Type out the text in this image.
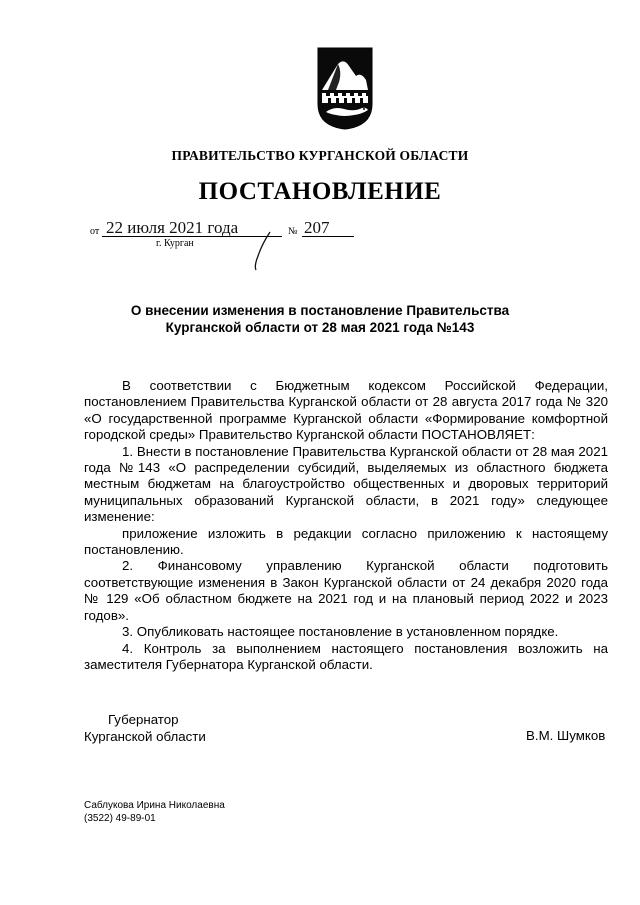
ПРАВИТЕЛЬСТВО КУРГАНСКОЙ ОБЛАСТИ
ПОСТАНОВЛЕНИЕ
от 22 июля 2021 года	№ 207
г. Курган
О внесении изменения в постановление Правительства
Курганской области от 28 мая 2021 года №143

В соответствии с Бюджетным кодексом Российской Федерации, постановлением Правительства Курганской области от 28 августа 2017 года № 320 «О государственной программе Курганской области «Формирование комфортной городской среды» Правительство Курганской области ПОСТАНОВЛЯЕТ:

1. Внести в постановление Правительства Курганской области от 28 мая 2021 года №143 «О распределении субсидий, выделяемых из областного бюджета местным бюджетам на благоустройство общественных и дворовых территорий муниципальных образований Курганской области, в 2021 году» следующее изменение:

приложение изложить в редакции согласно приложению к настоящему постановлению.

2. Финансовому управлению Курганской области подготовить соответствующие изменения в Закон Курганской области от 24 декабря 2020 года № 129 «Об областном бюджете на 2021 год и на плановый период 2022 и 2023 годов».

3. Опубликовать настоящее постановление в установленном порядке.

4. Контроль за выполнением настоящего постановления возложить на заместителя Губернатора Курганской области.

Губернатор
Курганской области	В.М. Шумков
Саблукова Ирина Николаевна
(3522) 49-89-01
